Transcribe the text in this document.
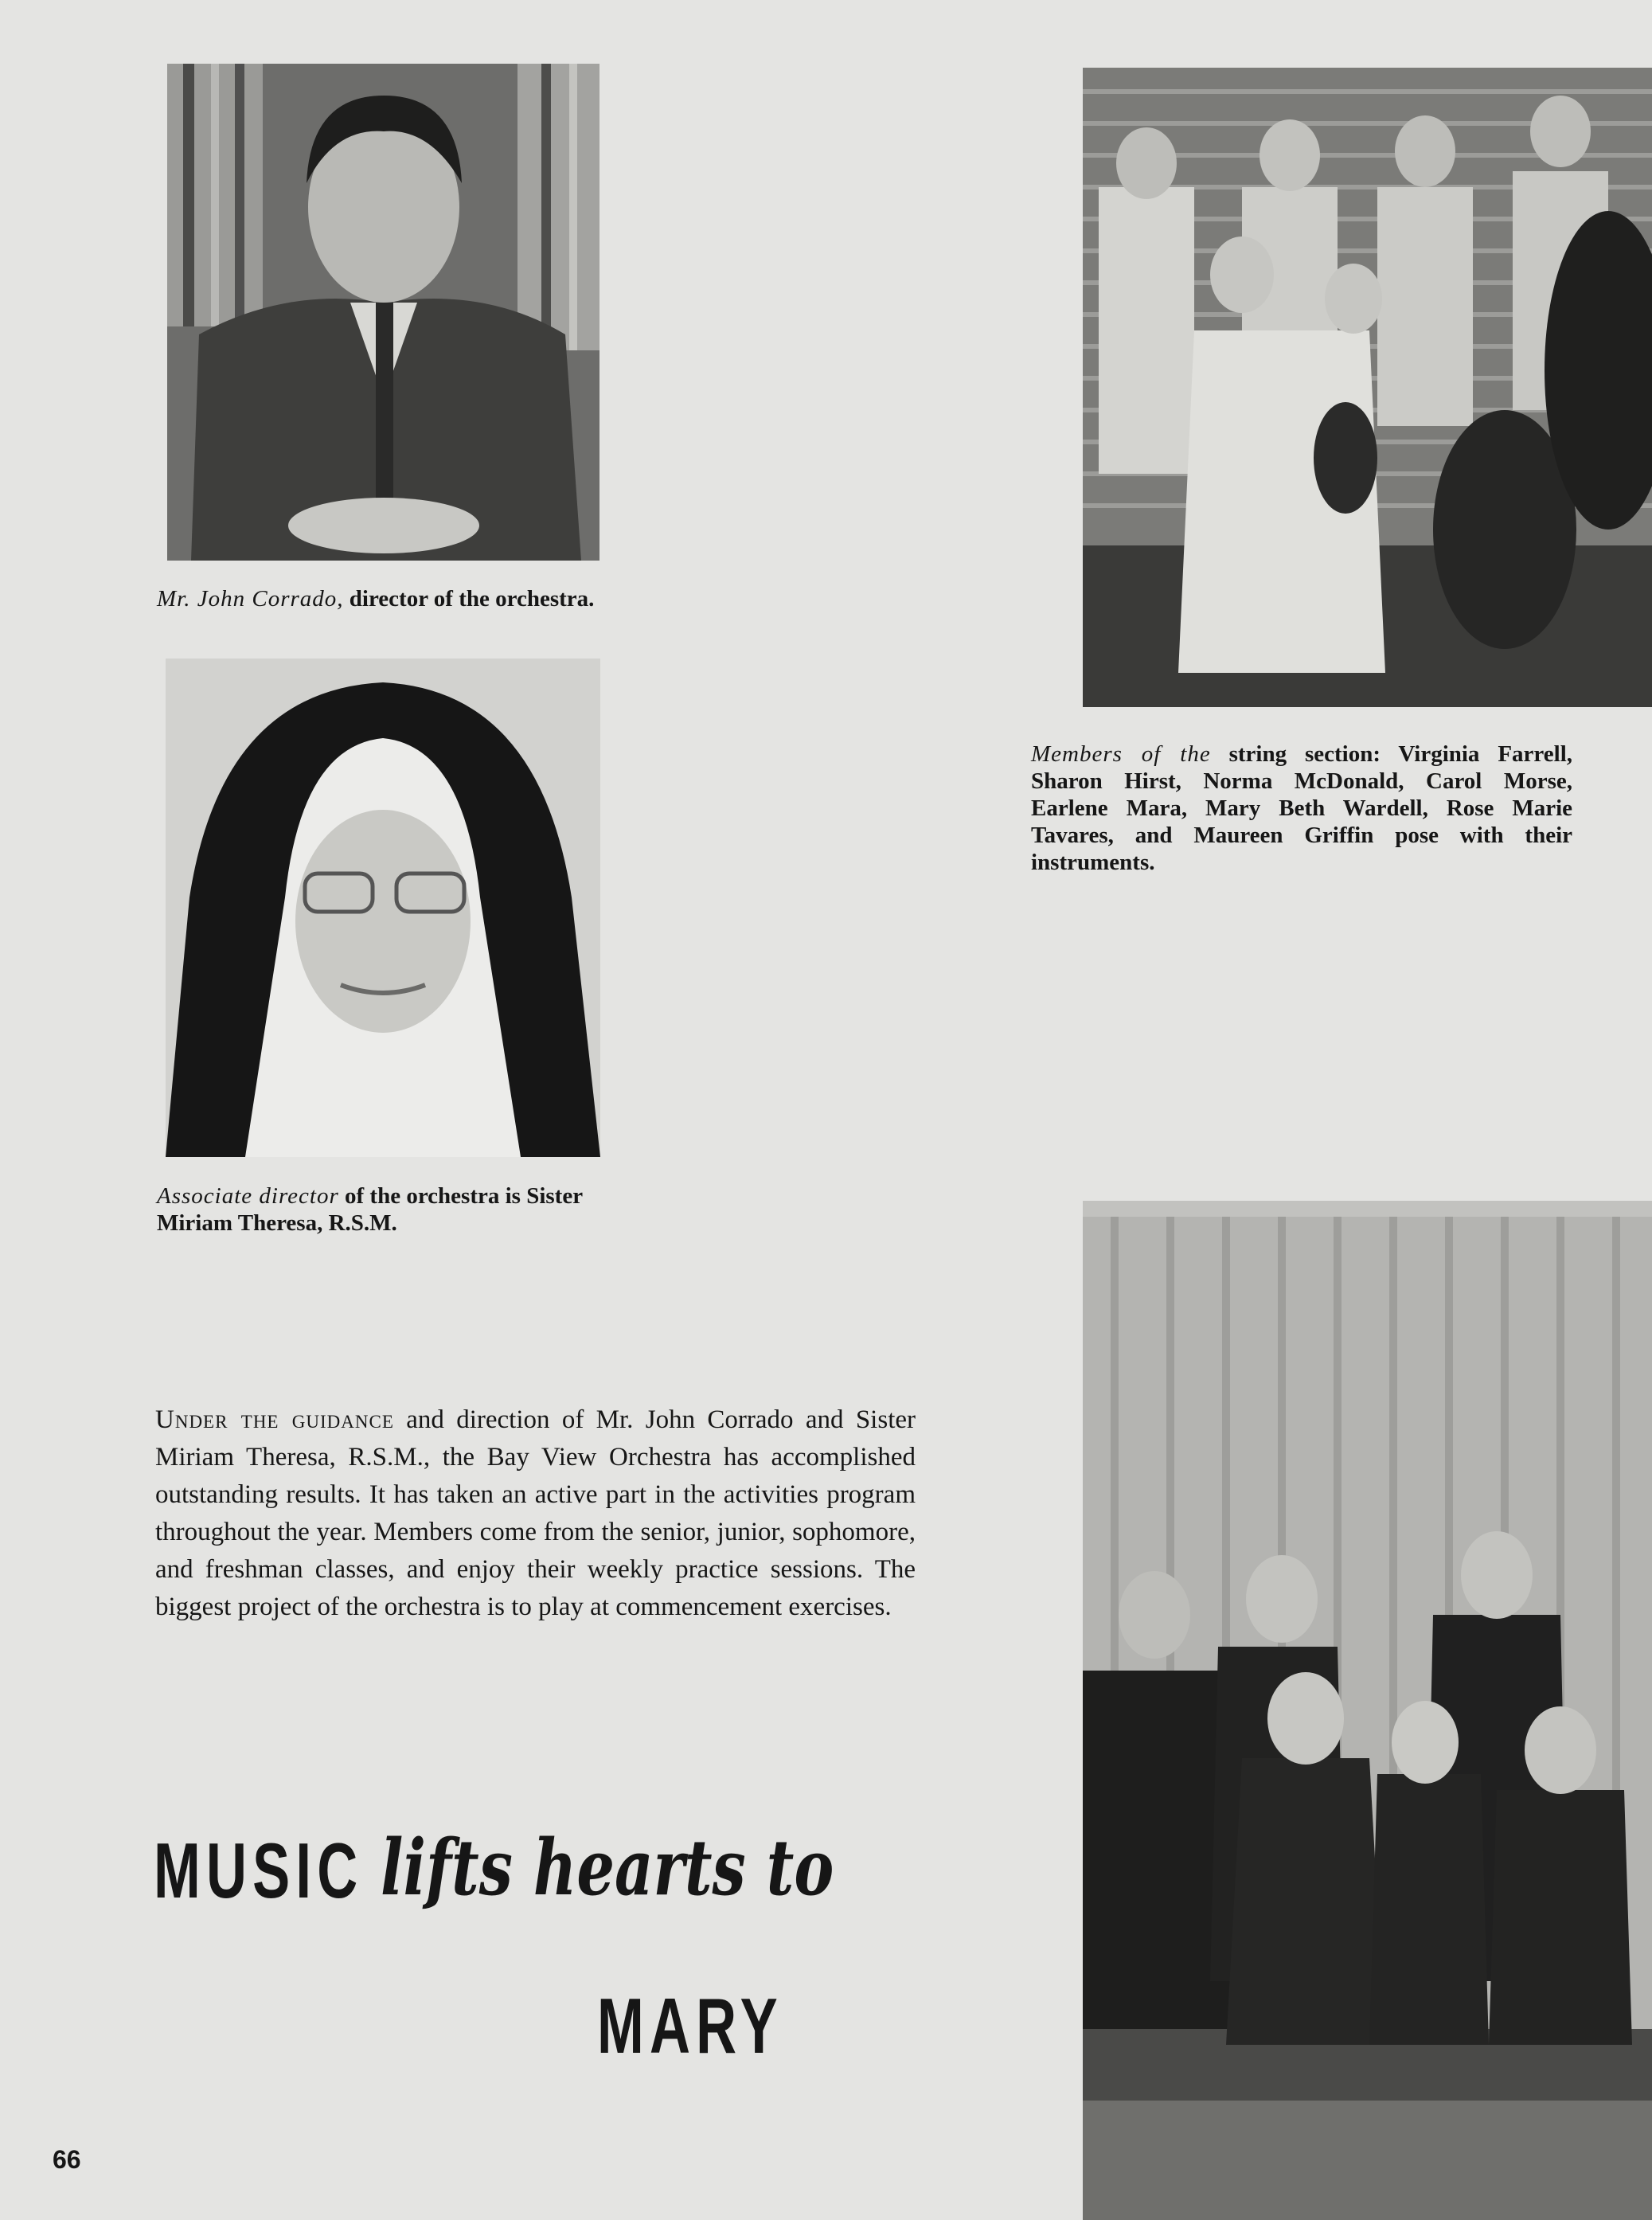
Mr. John Corrado, director of the orchestra.
Associate director of the orchestra is Sister Miriam Theresa, R.S.M.
Members of the string section: Virginia Farrell, Sharon Hirst, Norma McDonald, Carol Morse, Earlene Mara, Mary Beth Wardell, Rose Marie Tavares, and Maureen Griffin pose with their instruments.
Under the guidance and direction of Mr. John Corrado and Sister Miriam Theresa, R.S.M., the Bay View Orchestra has accomplished outstanding results. It has taken an active part in the activities program throughout the year. Members come from the senior, junior, sophomore, and freshman classes, and enjoy their weekly practice sessions. The biggest project of the orchestra is to play at commencement exercises.
MUSIC lifts hearts to
MARY
66
